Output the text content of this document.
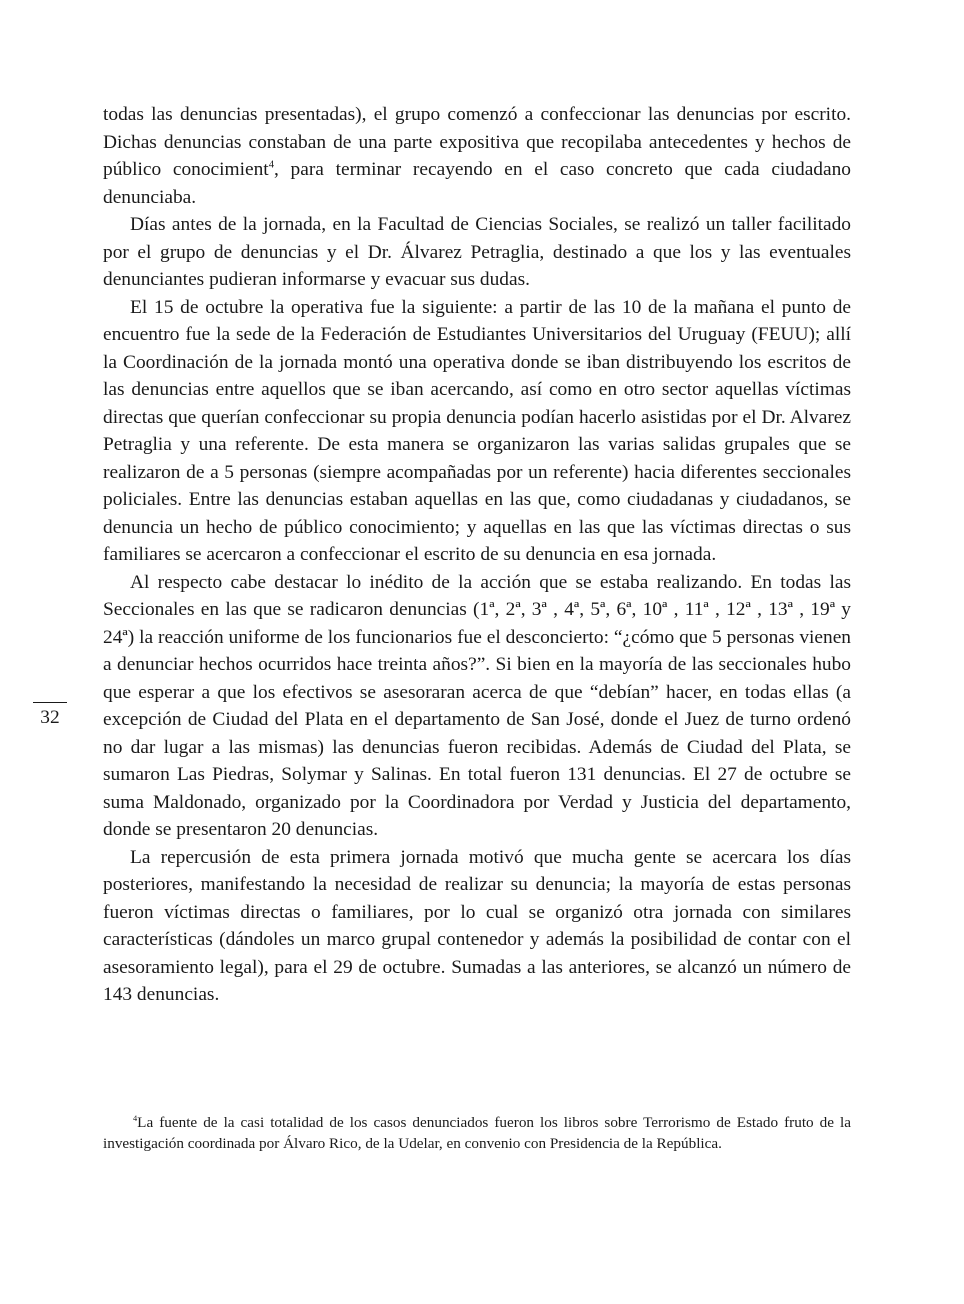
todas las denuncias presentadas), el grupo comenzó a confeccionar las denuncias por escrito. Dichas denuncias constaban de una parte expositiva que recopilaba antecedentes y hechos de público conocimient$^4$, para terminar recayendo en el caso concreto que cada ciudadano denunciaba.

Días antes de la jornada, en la Facultad de Ciencias Sociales, se realizó un taller facilitado por el grupo de denuncias y el Dr. Álvarez Petraglia, destinado a que los y las eventuales denunciantes pudieran informarse y evacuar sus dudas.

El 15 de octubre la operativa fue la siguiente: a partir de las 10 de la mañana el punto de encuentro fue la sede de la Federación de Estudiantes Universitarios del Uruguay (FEUU); allí la Coordinación de la jornada montó una operativa donde se iban distribuyendo los escritos de las denuncias entre aquellos que se iban acercando, así como en otro sector aquellas víctimas directas que querían confeccionar su propia denuncia podían hacerlo asistidas por el Dr. Alvarez Petraglia y una referente. De esta manera se organizaron las varias salidas grupales que se realizaron de a 5 personas (siempre acompañadas por un referente) hacia diferentes seccionales policiales. Entre las denuncias estaban aquellas en las que, como ciudadanas y ciudadanos, se denuncia un hecho de público conocimiento; y aquellas en las que las víctimas directas o sus familiares se acercaron a confeccionar el escrito de su denuncia en esa jornada.

Al respecto cabe destacar lo inédito de la acción que se estaba realizando. En todas las Seccionales en las que se radicaron denuncias (1ª, 2ª, 3ª , 4ª, 5ª, 6ª, 10ª , 11ª , 12ª , 13ª , 19ª y 24ª) la reacción uniforme de los funcionarios fue el desconcierto: “¿cómo que 5 personas vienen a denunciar hechos ocurridos hace treinta años?”. Si bien en la mayoría de las seccionales hubo que esperar a que los efectivos se asesoraran acerca de que “debían” hacer, en todas ellas (a excepción de Ciudad del Plata en el departamento de San José, donde el Juez de turno ordenó no dar lugar a las mismas) las denuncias fueron recibidas. Además de Ciudad del Plata, se sumaron Las Piedras, Solymar y Salinas. En total fueron 131 denuncias. El 27 de octubre se suma Maldonado, organizado por la Coordinadora por Verdad y Justicia del departamento, donde se presentaron 20 denuncias.

La repercusión de esta primera jornada motivó que mucha gente se acercara los días posteriores, manifestando la necesidad de realizar su denuncia; la mayoría de estas personas fueron víctimas directas o familiares, por lo cual se organizó otra jornada con similares características (dándoles un marco grupal contenedor y además la posibilidad de contar con el asesoramiento legal), para el 29 de octubre. Sumadas a las anteriores, se alcanzó un número de 143 denuncias.

32

$^4$La fuente de la casi totalidad de los casos denunciados fueron los libros sobre Terrorismo de Estado fruto de la investigación coordinada por Álvaro Rico, de la Udelar, en convenio con Presidencia de la República.
